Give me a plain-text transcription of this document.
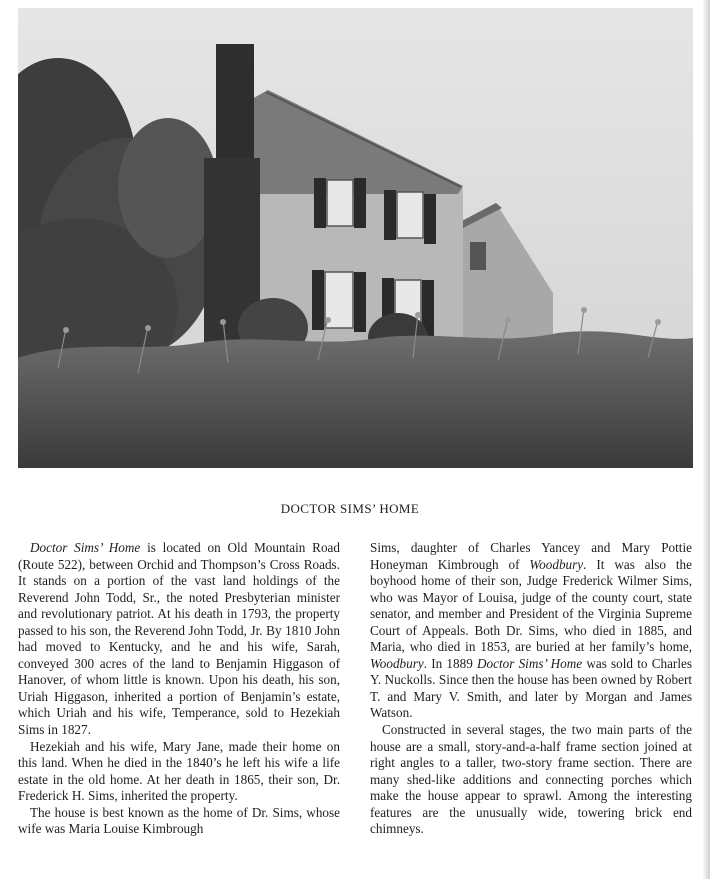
DOCTOR SIMS’ HOME

Doctor Sims’ Home is located on Old Mountain Road (Route 522), between Orchid and Thompson’s Cross Roads. It stands on a portion of the vast land holdings of the Reverend John Todd, Sr., the noted Presbyterian minister and revolutionary patriot. At his death in 1793, the property passed to his son, the Reverend John Todd, Jr. By 1810 John had moved to Kentucky, and he and his wife, Sarah, conveyed 300 acres of the land to Benjamin Higgason of Hanover, of whom little is known. Upon his death, his son, Uriah Higgason, inherited a portion of Benjamin’s estate, which Uriah and his wife, Temperance, sold to Hezekiah Sims in 1827.

Hezekiah and his wife, Mary Jane, made their home on this land. When he died in the 1840’s he left his wife a life estate in the old home. At her death in 1865, their son, Dr. Frederick H. Sims, inherited the property.

The house is best known as the home of Dr. Sims, whose wife was Maria Louise Kimbrough

Sims, daughter of Charles Yancey and Mary Pottie Honeyman Kimbrough of Woodbury. It was also the boyhood home of their son, Judge Frederick Wilmer Sims, who was Mayor of Louisa, judge of the county court, state senator, and member and President of the Virginia Supreme Court of Appeals. Both Dr. Sims, who died in 1885, and Maria, who died in 1853, are buried at her family’s home, Woodbury. In 1889 Doctor Sims’ Home was sold to Charles Y. Nuckolls. Since then the house has been owned by Robert T. and Mary V. Smith, and later by Morgan and James Watson.

Constructed in several stages, the two main parts of the house are a small, story-and-a-half frame section joined at right angles to a taller, two-story frame section. There are many shed-like additions and connecting porches which make the house appear to sprawl. Among the interesting features are the unusually wide, towering brick end chimneys.
